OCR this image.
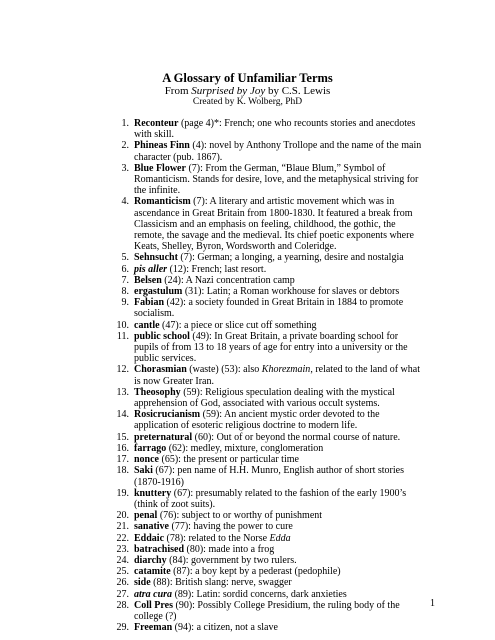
A Glossary of Unfamiliar Terms
From Surprised by Joy by C.S. Lewis
Created by K. Wolberg, PhD
1. Reconteur (page 4)*: French; one who recounts stories and anecdotes with skill.
2. Phineas Finn (4): novel by Anthony Trollope and the name of the main character (pub. 1867).
3. Blue Flower (7): From the German, “Blaue Blum,” Symbol of Romanticism. Stands for desire, love, and the metaphysical striving for the infinite.
4. Romanticism (7): A literary and artistic movement which was in ascendance in Great Britain from 1800-1830. It featured a break from Classicism and an emphasis on feeling, childhood, the gothic, the remote, the savage and the medieval. Its chief poetic exponents where Keats, Shelley, Byron, Wordsworth and Coleridge.
5. Sehnsucht (7): German; a longing, a yearning, desire and nostalgia
6. pis aller (12): French; last resort.
7. Belsen (24): A Nazi concentration camp
8. ergastulum (31): Latin; a Roman workhouse for slaves or debtors
9. Fabian (42): a society founded in Great Britain in 1884 to promote socialism.
10. cantle (47): a piece or slice cut off something
11. public school (49): In Great Britain, a private boarding school for pupils of from 13 to 18 years of age for entry into a university or the public services.
12. Chorasmian (waste) (53): also Khorezmain, related to the land of what is now Greater Iran.
13. Theosophy (59): Religious speculation dealing with the mystical apprehension of God, associated with various occult systems.
14. Rosicrucianism (59): An ancient mystic order devoted to the application of esoteric religious doctrine to modern life.
15. preternatural (60): Out of or beyond the normal course of nature.
16. farrago (62): medley, mixture, conglomeration
17. nonce (65): the present or particular time
18. Saki (67): pen name of H.H. Munro, English author of short stories (1870-1916)
19. knuttery (67): presumably related to the fashion of the early 1900’s (think of zoot suits).
20. penal (76): subject to or worthy of punishment
21. sanative (77): having the power to cure
22. Eddaic (78): related to the Norse Edda
23. batrachised (80): made into a frog
24. diarchy (84): government by two rulers.
25. catamite (87): a boy kept by a pederast (pedophile)
26. side (88): British slang: nerve, swagger
27. atra cura (89): Latin: sordid concerns, dark anxieties
28. Coll Pres (90): Possibly College Presidium, the ruling body of the college (?)
29. Freeman (94): a citizen, not a slave
1
